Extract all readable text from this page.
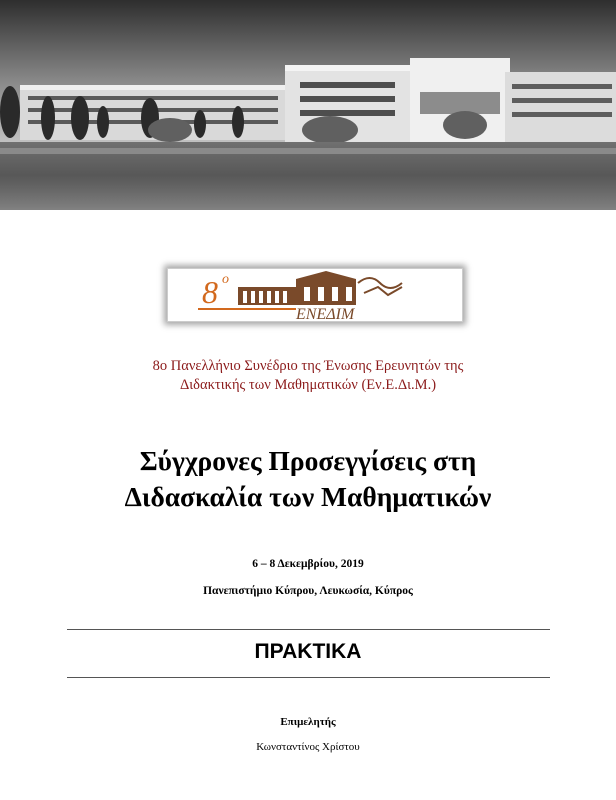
8 ο
ΕΝΕΔΙΜ
8ο Πανελλήνιο Συνέδριο της Ένωσης Ερευνητών της
Διδακτικής των Μαθηματικών (Εν.Ε.Δι.Μ.)
Σύγχρονες Προσεγγίσεις στη
Διδασκαλία των Μαθηματικών
6 – 8 Δεκεμβρίου, 2019
Πανεπιστήμιο Κύπρου, Λευκωσία, Κύπρος
ΠΡΑΚΤΙΚΑ
Επιμελητής
Κωνσταντίνος Χρίστου
